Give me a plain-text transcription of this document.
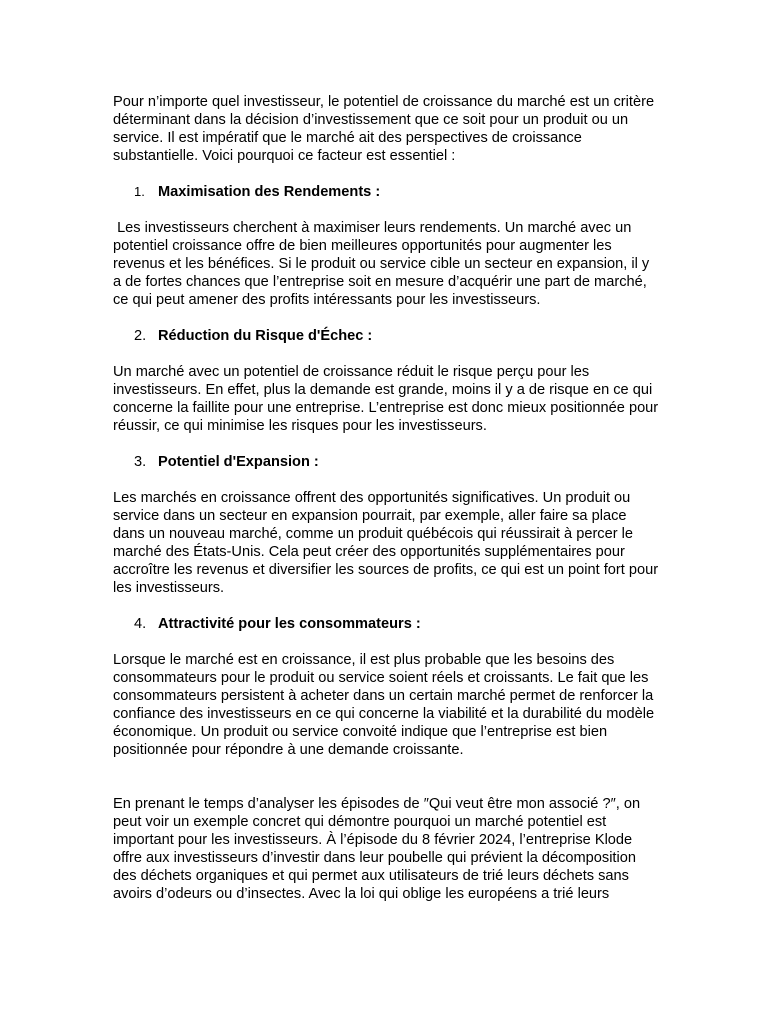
Pour n’importe quel investisseur, le potentiel de croissance du marché est un critère déterminant dans la décision d’investissement que ce soit pour un produit ou un service. Il est impératif que le marché ait des perspectives de croissance substantielle. Voici pourquoi ce facteur est essentiel :

1. Maximisation des Rendements :

Les investisseurs cherchent à maximiser leurs rendements. Un marché avec un potentiel croissance offre de bien meilleures opportunités pour augmenter les revenus et les bénéfices. Si le produit ou service cible un secteur en expansion, il y a de fortes chances que l’entreprise soit en mesure d’acquérir une part de marché, ce qui peut amener des profits intéressants pour les investisseurs.

2. Réduction du Risque d'Échec :

Un marché avec un potentiel de croissance réduit le risque perçu pour les investisseurs. En effet, plus la demande est grande, moins il y a de risque en ce qui concerne la faillite pour une entreprise. L’entreprise est donc mieux positionnée pour réussir, ce qui minimise les risques pour les investisseurs.

3. Potentiel d'Expansion :

Les marchés en croissance offrent des opportunités significatives. Un produit ou service dans un secteur en expansion pourrait, par exemple, aller faire sa place dans un nouveau marché, comme un produit québécois qui réussirait à percer le marché des États-Unis. Cela peut créer des opportunités supplémentaires pour accroître les revenus et diversifier les sources de profits, ce qui est un point fort pour les investisseurs.

4. Attractivité pour les consommateurs :

Lorsque le marché est en croissance, il est plus probable que les besoins des consommateurs pour le produit ou service soient réels et croissants. Le fait que les consommateurs persistent à acheter dans un certain marché permet de renforcer la confiance des investisseurs en ce qui concerne la viabilité et la durabilité du modèle économique. Un produit ou service convoité indique que l’entreprise est bien positionnée pour répondre à une demande croissante.

En prenant le temps d’analyser les épisodes de ″Qui veut être mon associé ?″, on peut voir un exemple concret qui démontre pourquoi un marché potentiel est important pour les investisseurs. À l’épisode du 8 février 2024, l’entreprise Klode offre aux investisseurs d’investir dans leur poubelle qui prévient la décomposition des déchets organiques et qui permet aux utilisateurs de trié leurs déchets sans avoirs d’odeurs ou d’insectes. Avec la loi qui oblige les européens a trié leurs
